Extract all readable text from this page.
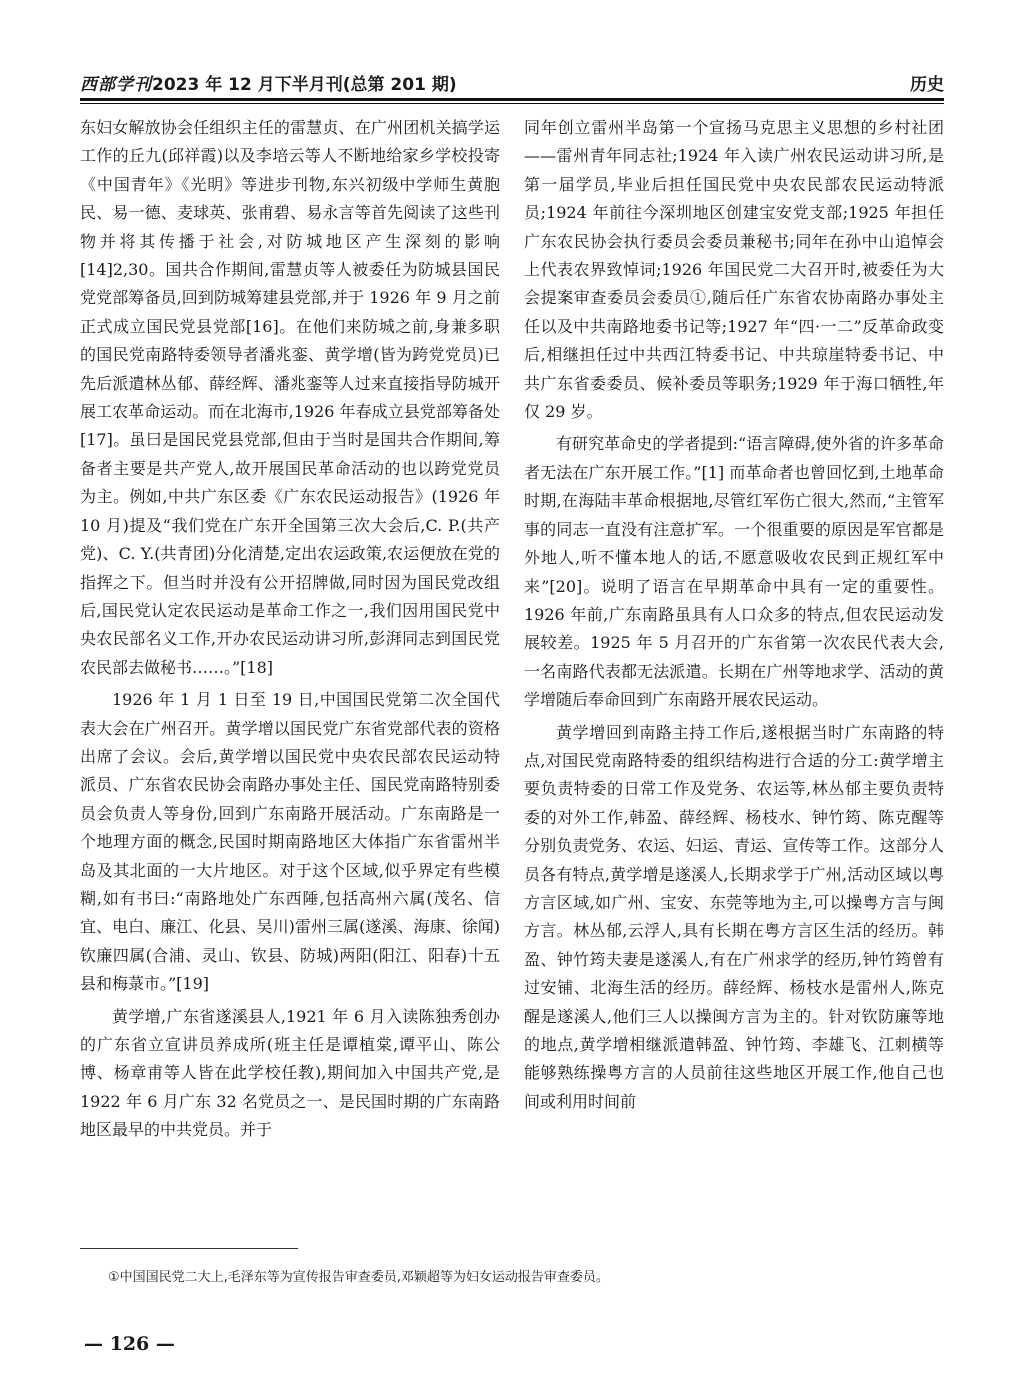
西部学刊2023 年 12 月下半月刊(总第 201 期)	历史

东妇女解放协会任组织主任的雷慧贞、在广州团机关搞学运工作的丘九(邱祥霞)以及李培云等人不断地给家乡学校投寄《中国青年》《光明》等进步刊物,东兴初级中学师生黄胞民、易一德、麦球英、张甫碧、易永言等首先阅读了这些刊物并将其传播于社会,对防城地区产生深刻的影响[14]2,30。国共合作期间,雷慧贞等人被委任为防城县国民党党部筹备员,回到防城筹建县党部,并于 1926 年 9 月之前正式成立国民党县党部[16]。在他们来防城之前,身兼多职的国民党南路特委领导者潘兆銮、黄学增(皆为跨党党员)已先后派遣林丛郁、薛经辉、潘兆銮等人过来直接指导防城开展工农革命运动。而在北海市,1926 年春成立县党部筹备处[17]。虽曰是国民党县党部,但由于当时是国共合作期间,筹备者主要是共产党人,故开展国民革命活动的也以跨党党员为主。例如,中共广东区委《广东农民运动报告》(1926 年 10 月)提及“我们党在广东开全国第三次大会后,C. P.(共产党)、C. Y.(共青团)分化清楚,定出农运政策,农运便放在党的指挥之下。但当时并没有公开招牌做,同时因为国民党改组后,国民党认定农民运动是革命工作之一,我们因用国民党中央农民部名义工作,开办农民运动讲习所,彭湃同志到国民党农民部去做秘书……。”[18]

1926 年 1 月 1 日至 19 日,中国国民党第二次全国代表大会在广州召开。黄学增以国民党广东省党部代表的资格出席了会议。会后,黄学增以国民党中央农民部农民运动特派员、广东省农民协会南路办事处主任、国民党南路特别委员会负责人等身份,回到广东南路开展活动。广东南路是一个地理方面的概念,民国时期南路地区大体指广东省雷州半岛及其北面的一大片地区。对于这个区域,似乎界定有些模糊,如有书曰:“南路地处广东西陲,包括高州六属(茂名、信宜、电白、廉江、化县、吴川)雷州三属(遂溪、海康、徐闻)钦廉四属(合浦、灵山、钦县、防城)两阳(阳江、阳春)十五县和梅菉市。”[19]

黄学增,广东省遂溪县人,1921 年 6 月入读陈独秀创办的广东省立宣讲员养成所(班主任是谭植棠,谭平山、陈公博、杨章甫等人皆在此学校任教),期间加入中国共产党,是 1922 年 6 月广东 32 名党员之一、是民国时期的广东南路地区最早的中共党员。并于

同年创立雷州半岛第一个宣扬马克思主义思想的乡村社团——雷州青年同志社;1924 年入读广州农民运动讲习所,是第一届学员,毕业后担任国民党中央农民部农民运动特派员;1924 年前往今深圳地区创建宝安党支部;1925 年担任广东农民协会执行委员会委员兼秘书;同年在孙中山追悼会上代表农界致悼词;1926 年国民党二大召开时,被委任为大会提案审查委员会委员①,随后任广东省农协南路办事处主任以及中共南路地委书记等;1927 年“四·一二”反革命政变后,相继担任过中共西江特委书记、中共琼崖特委书记、中共广东省委委员、候补委员等职务;1929 年于海口牺牲,年仅 29 岁。

有研究革命史的学者提到:“语言障碍,使外省的许多革命者无法在广东开展工作。”[1] 而革命者也曾回忆到,土地革命时期,在海陆丰革命根据地,尽管红军伤亡很大,然而,“主管军事的同志一直没有注意扩军。一个很重要的原因是军官都是外地人,听不懂本地人的话,不愿意吸收农民到正规红军中来”[20]。说明了语言在早期革命中具有一定的重要性。1926 年前,广东南路虽具有人口众多的特点,但农民运动发展较差。1925 年 5 月召开的广东省第一次农民代表大会,一名南路代表都无法派遣。长期在广州等地求学、活动的黄学增随后奉命回到广东南路开展农民运动。

黄学增回到南路主持工作后,遂根据当时广东南路的特点,对国民党南路特委的组织结构进行合适的分工:黄学增主要负责特委的日常工作及党务、农运等,林丛郁主要负责特委的对外工作,韩盈、薛经辉、杨枝水、钟竹筠、陈克醒等分别负责党务、农运、妇运、青运、宣传等工作。这部分人员各有特点,黄学增是遂溪人,长期求学于广州,活动区域以粤方言区域,如广州、宝安、东莞等地为主,可以操粤方言与闽方言。林丛郁,云浮人,具有长期在粤方言区生活的经历。韩盈、钟竹筠夫妻是遂溪人,有在广州求学的经历,钟竹筠曾有过安铺、北海生活的经历。薛经辉、杨枝水是雷州人,陈克醒是遂溪人,他们三人以操闽方言为主的。针对钦防廉等地的地点,黄学增相继派遣韩盈、钟竹筠、李雄飞、江刺横等能够熟练操粤方言的人员前往这些地区开展工作,他自己也间或利用时间前

①中国国民党二大上,毛泽东等为宣传报告审查委员,邓颖超等为妇女运动报告审查委员。
— 126 —
